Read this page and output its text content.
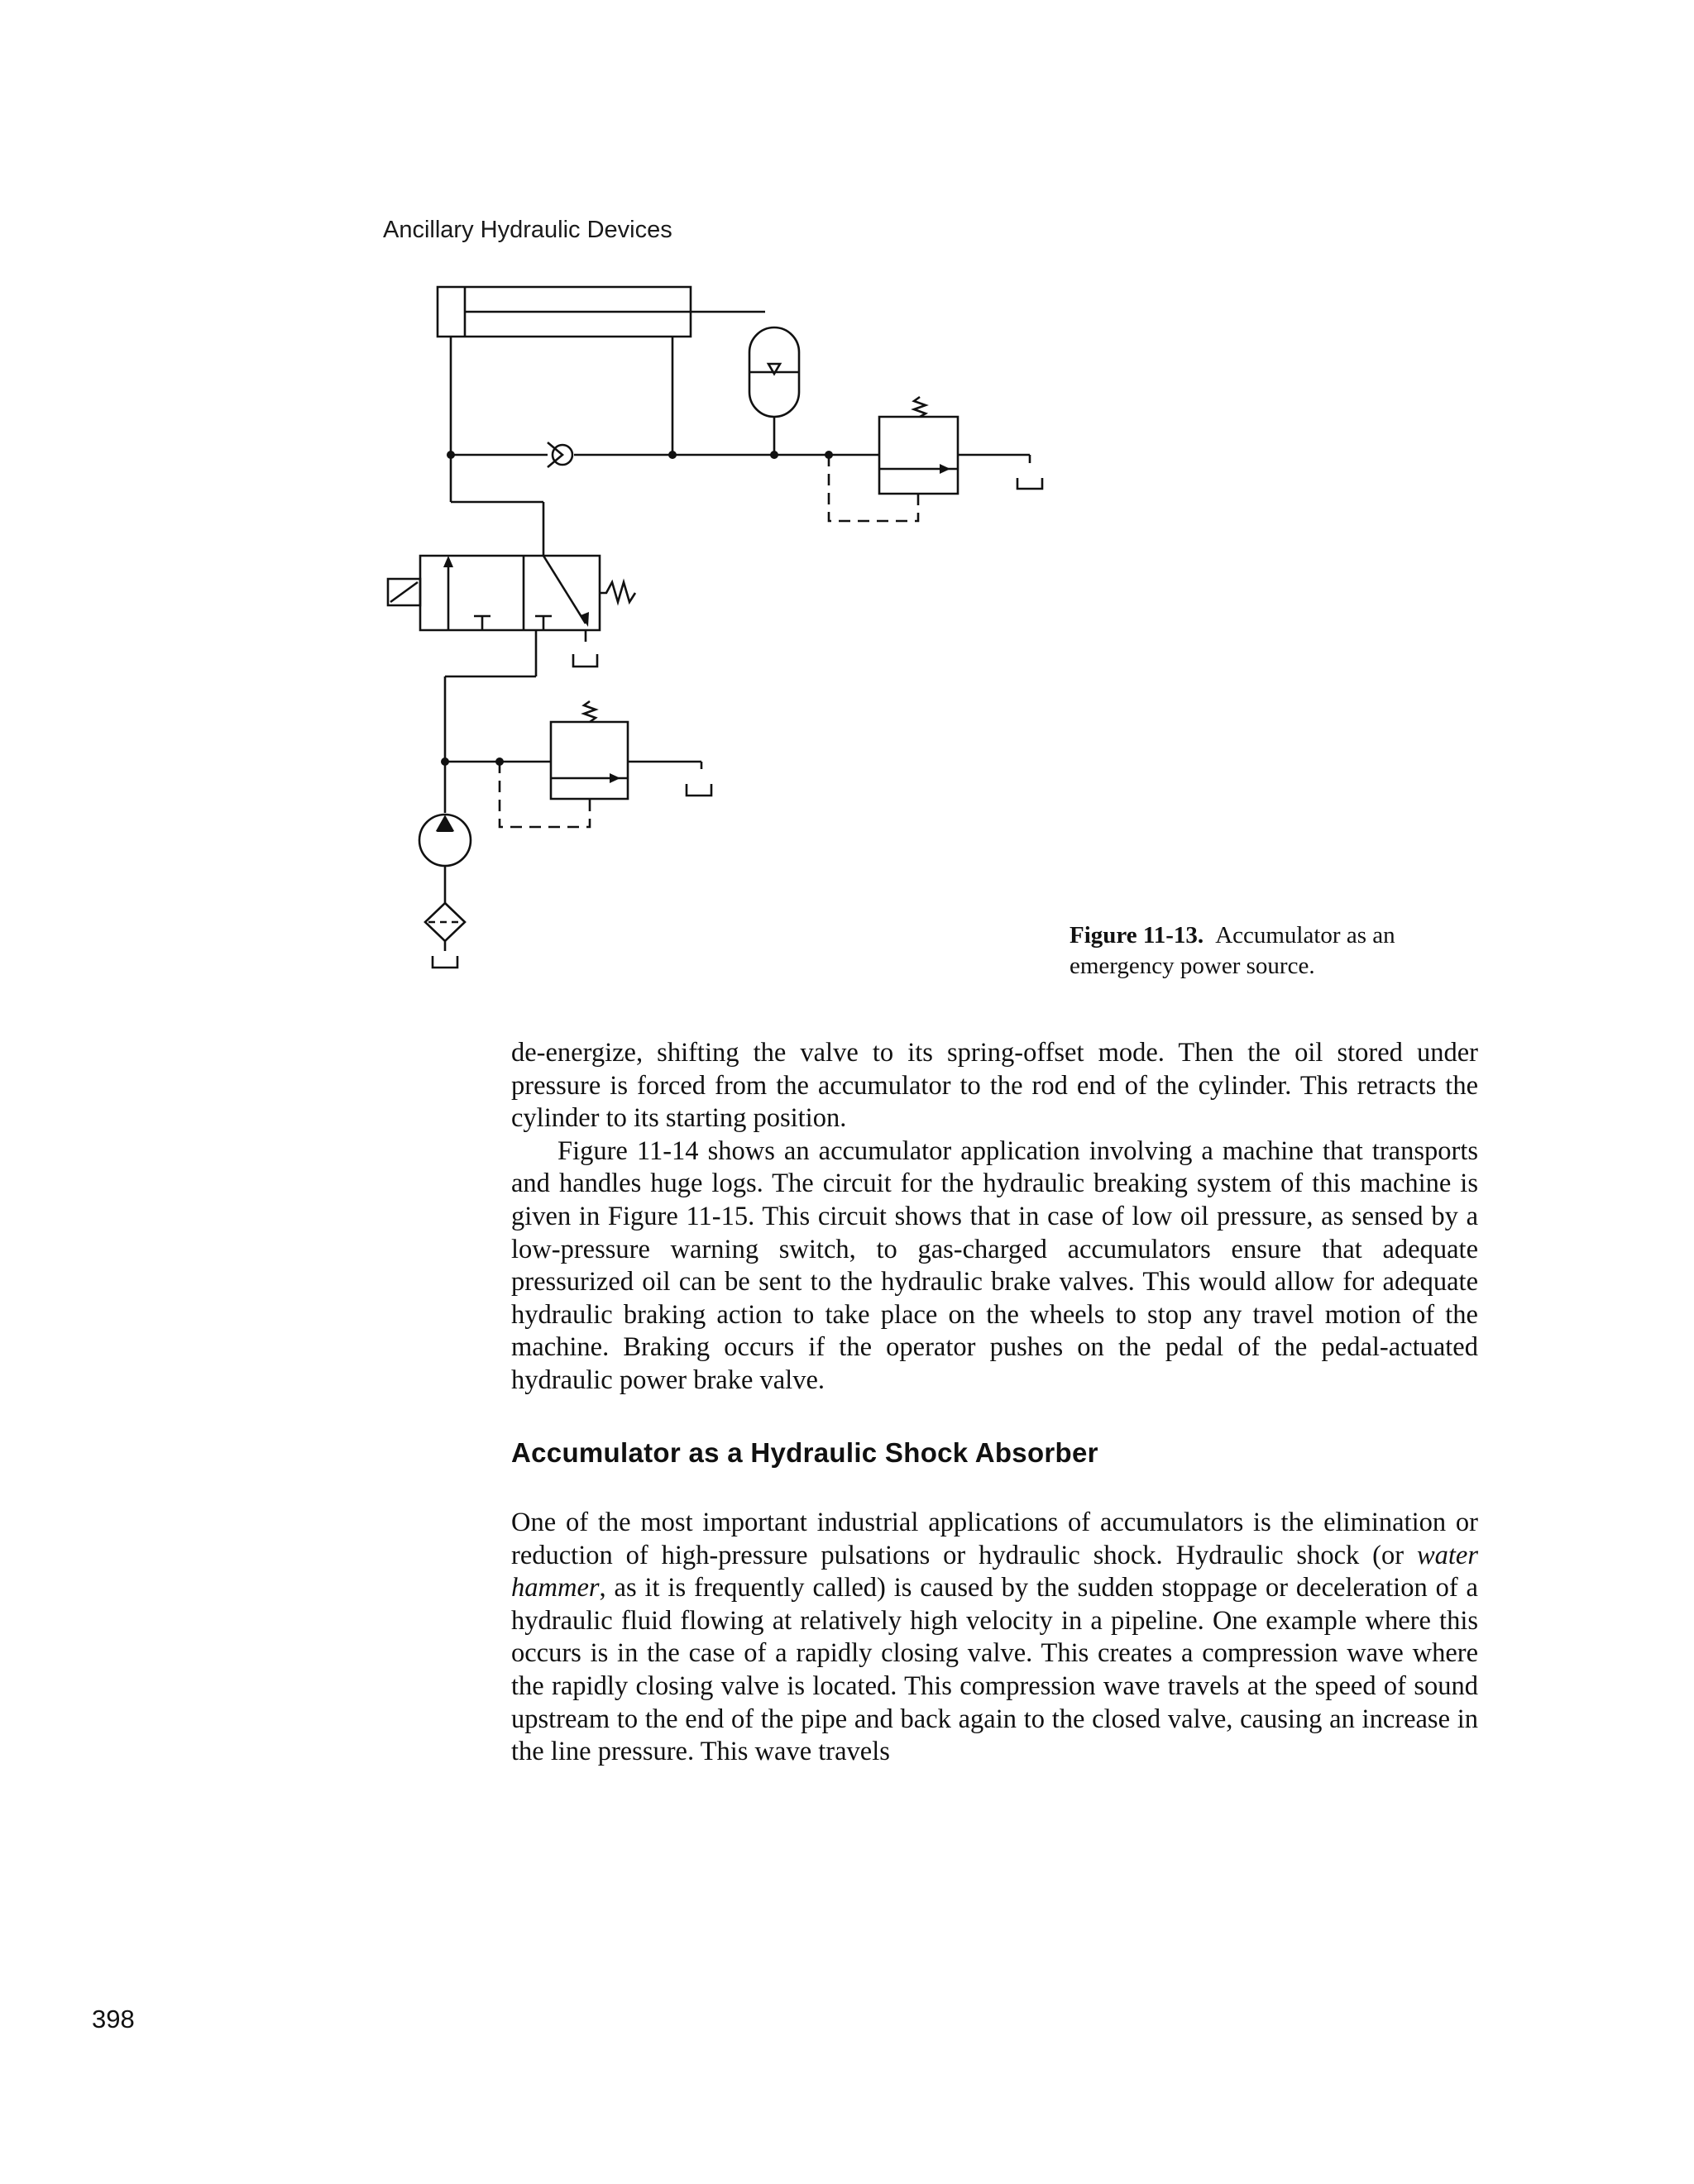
Ancillary Hydraulic Devices
Figure 11-13. Accumulator as an emergency power source.

de-energize, shifting the valve to its spring-offset mode. Then the oil stored under pressure is forced from the accumulator to the rod end of the cylinder. This retracts the cylinder to its starting position.

Figure 11-14 shows an accumulator application involving a machine that transports and handles huge logs. The circuit for the hydraulic breaking system of this machine is given in Figure 11-15. This circuit shows that in case of low oil pressure, as sensed by a low-pressure warning switch, to gas-charged accumulators ensure that adequate pressurized oil can be sent to the hydraulic brake valves. This would allow for adequate hydraulic braking action to take place on the wheels to stop any travel motion of the machine. Braking occurs if the operator pushes on the pedal of the pedal-actuated hydraulic power brake valve.

Accumulator as a Hydraulic Shock Absorber

One of the most important industrial applications of accumulators is the elimination or reduction of high-pressure pulsations or hydraulic shock. Hydraulic shock (or water hammer, as it is frequently called) is caused by the sudden stoppage or deceleration of a hydraulic fluid flowing at relatively high velocity in a pipeline. One example where this occurs is in the case of a rapidly closing valve. This creates a compression wave where the rapidly closing valve is located. This compression wave travels at the speed of sound upstream to the end of the pipe and back again to the closed valve, causing an increase in the line pressure. This wave travels

398
